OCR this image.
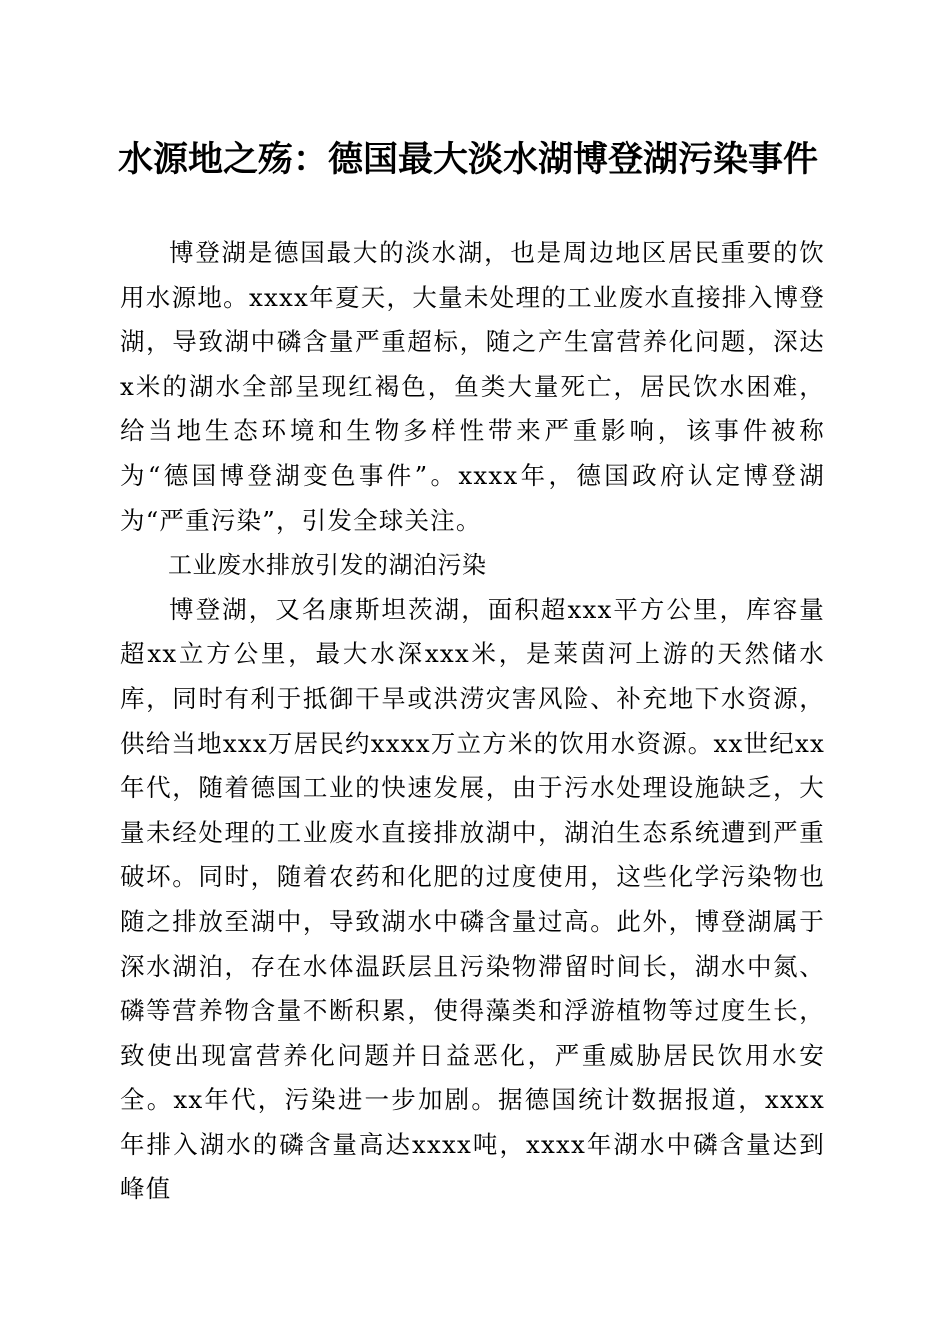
水源地之殇：德国最大淡水湖博登湖污染事件

博登湖是德国最大的淡水湖，也是周边地区居民重要的饮用水源地。xxxx年夏天，大量未处理的工业废水直接排入博登湖，导致湖中磷含量严重超标，随之产生富营养化问题，深达x米的湖水全部呈现红褐色，鱼类大量死亡，居民饮水困难，给当地生态环境和生物多样性带来严重影响，该事件被称为“德国博登湖变色事件”。xxxx年，德国政府认定博登湖为“严重污染”，引发全球关注。

工业废水排放引发的湖泊污染

博登湖，又名康斯坦茨湖，面积超xxx平方公里，库容量超xx立方公里，最大水深xxx米，是莱茵河上游的天然储水库，同时有利于抵御干旱或洪涝灾害风险、补充地下水资源，供给当地xxx万居民约xxxx万立方米的饮用水资源。xx世纪xx年代，随着德国工业的快速发展，由于污水处理设施缺乏，大量未经处理的工业废水直接排放湖中，湖泊生态系统遭到严重破坏。同时，随着农药和化肥的过度使用，这些化学污染物也随之排放至湖中，导致湖水中磷含量过高。此外，博登湖属于深水湖泊，存在水体温跃层且污染物滞留时间长，湖水中氮、磷等营养物含量不断积累，使得藻类和浮游植物等过度生长，致使出现富营养化问题并日益恶化，严重威胁居民饮用水安全。xx年代，污染进一步加剧。据德国统计数据报道，xxxx年排入湖水的磷含量高达xxxx吨，xxxx年湖水中磷含量达到峰值
